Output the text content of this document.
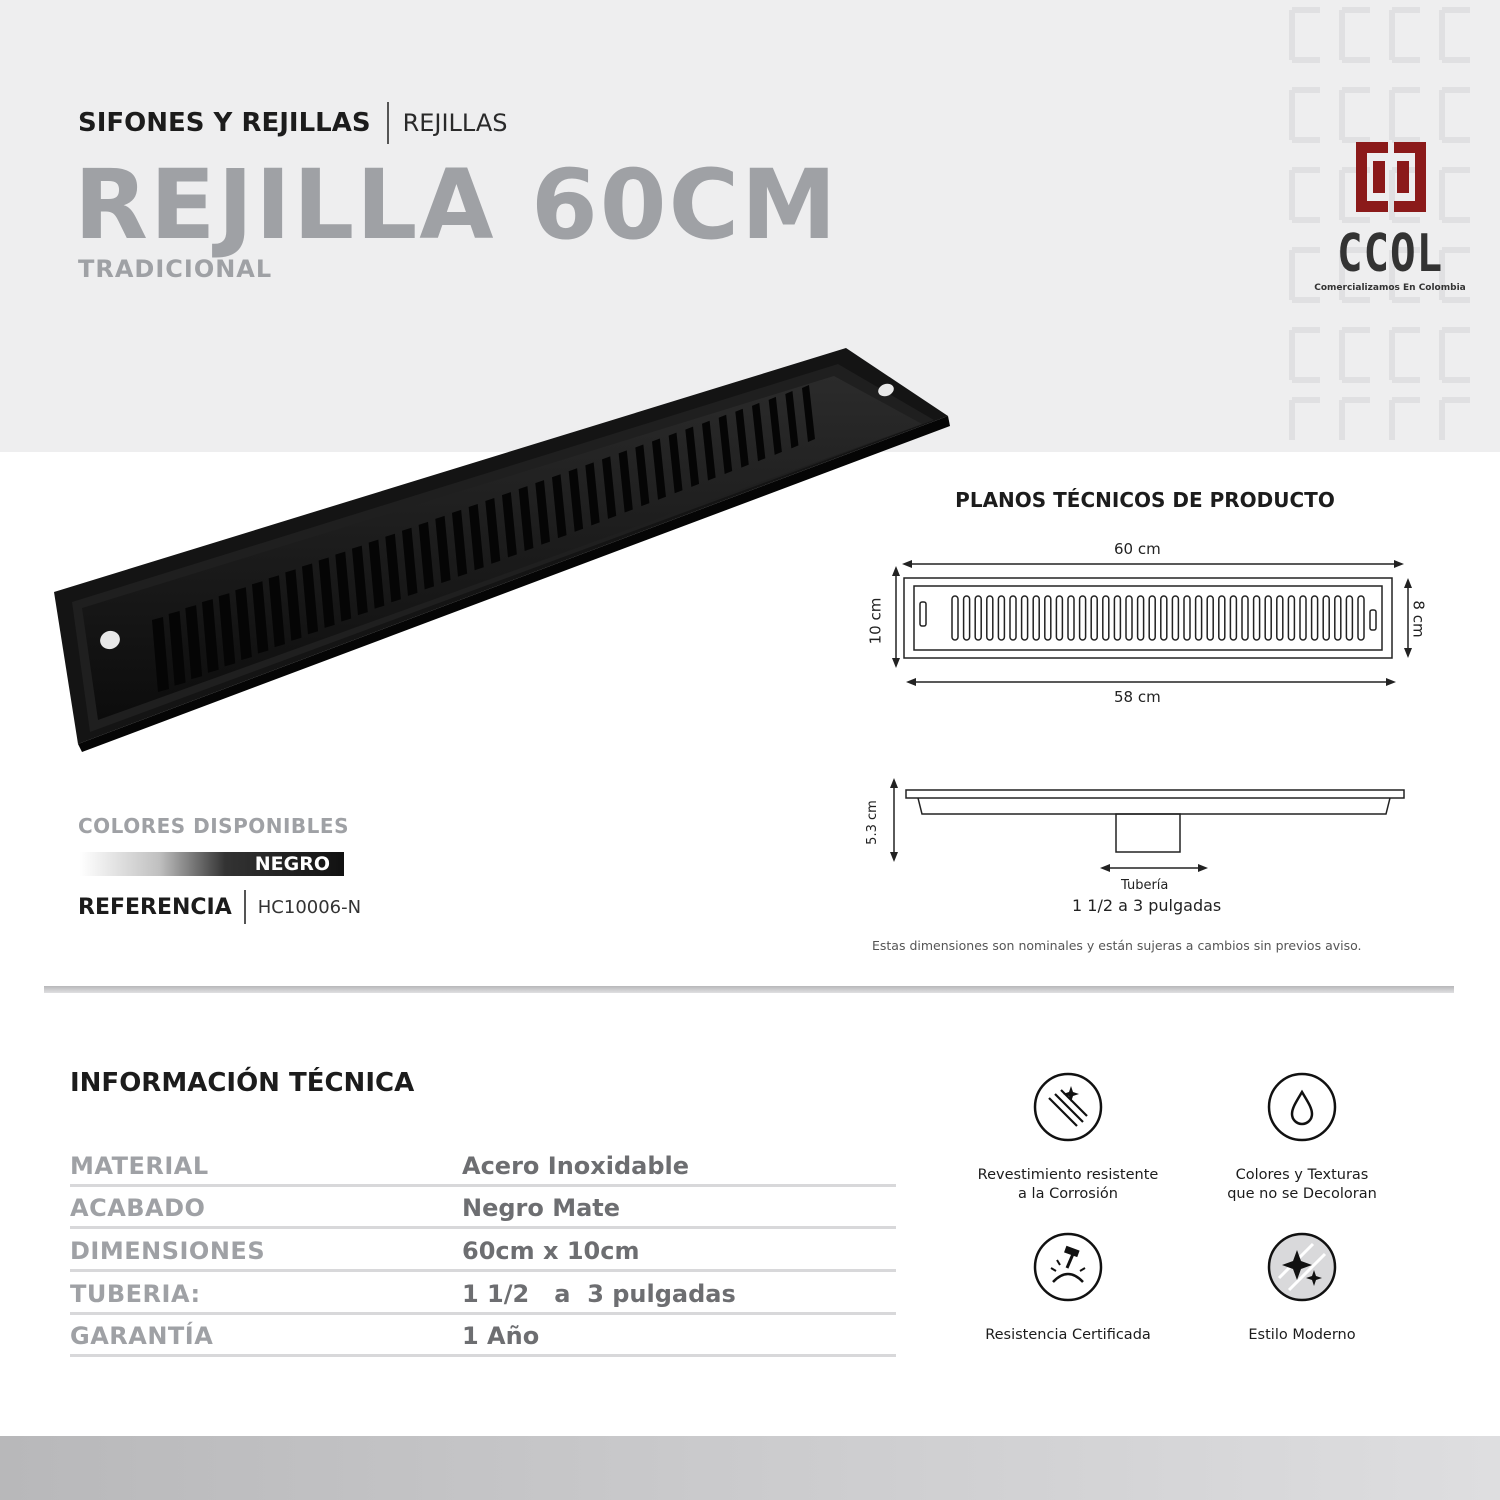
SIFONES Y REJILLAS REJILLAS
REJILLA 60CM
TRADICIONAL	CCOL
Comercializamos En Colombia
COLORES DISPONIBLES
NEGRO
REFERENCIA HC10006-N
PLANOS TÉCNICOS DE PRODUCTO
60 cm
58 cm
10 cm	8 cm
5.3 cm
Tubería
1 1/2 a 3 pulgadas
Estas dimensiones son nominales y están sujeras a cambios sin previos aviso.
INFORMACIÓN TÉCNICA
MATERIAL	Acero Inoxidable
ACABADO	Negro Mate
DIMENSIONES	60cm x 10cm
TUBERIA:	1 1/2   a  3 pulgadas
GARANTÍA	1 Año
Revestimiento resistente
a la Corrosión
Colores y Texturas
que no se Decoloran
Resistencia Certificada	Estilo Moderno
